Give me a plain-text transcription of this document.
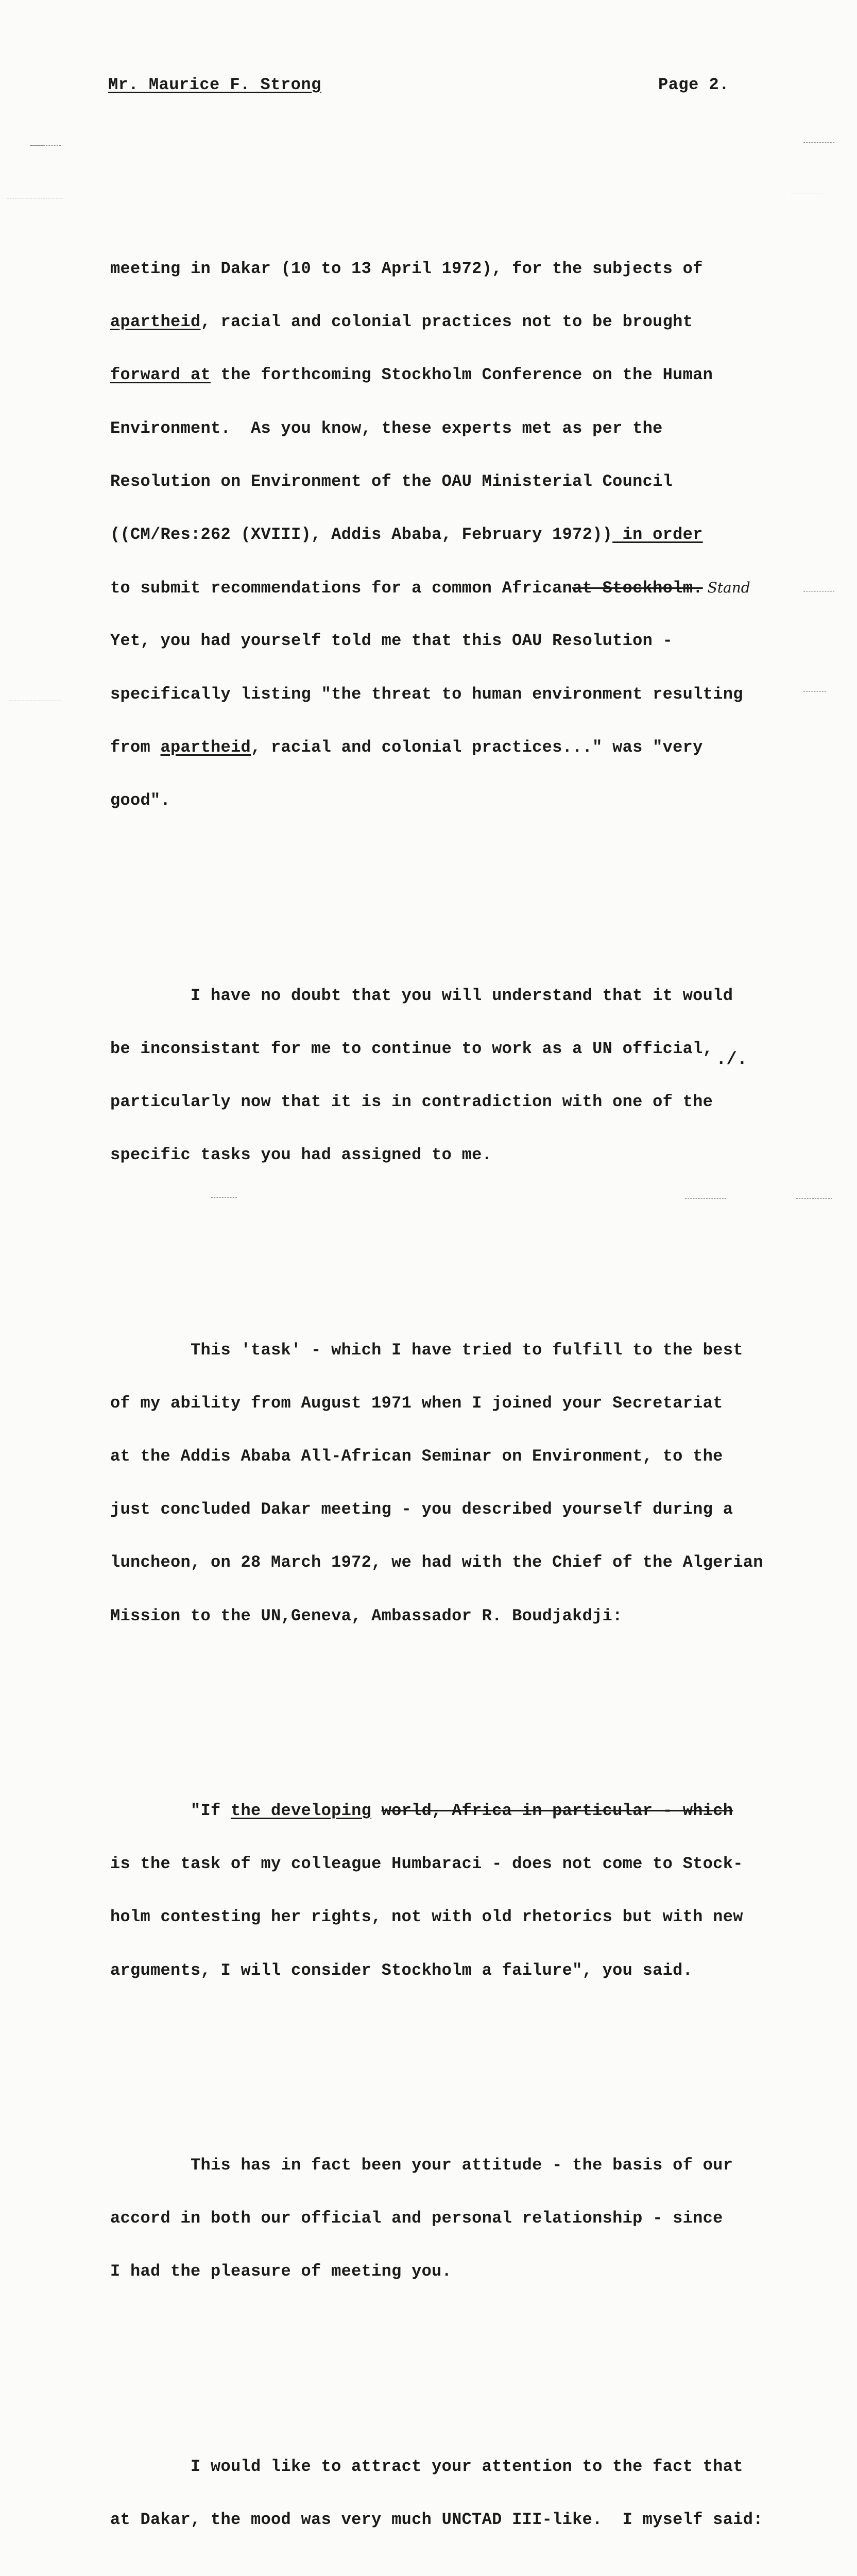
Mr. Maurice F. Strong	Page 2.

meeting in Dakar (10 to 13 April 1972), for the subjects of

apartheid, racial and colonial practices not to be brought

forward at the forthcoming Stockholm Conference on the Human

Environment.  As you know, these experts met as per the

Resolution on Environment of the OAU Ministerial Council

((CM/Res:262 (XVIII), Addis Ababa, February 1972)) in order

to submit recommendations for a common Africanat Stockholm. Stand

Yet, you had yourself told me that this OAU Resolution -

specifically listing "the threat to human environment resulting

from apartheid, racial and colonial practices..." was "very

good".

I have no doubt that you will understand that it would

be inconsistant for me to continue to work as a UN official,

particularly now that it is in contradiction with one of the

specific tasks you had assigned to me.

This 'task' - which I have tried to fulfill to the best

of my ability from August 1971 when I joined your Secretariat

at the Addis Ababa All-African Seminar on Environment, to the

just concluded Dakar meeting - you described yourself during a

luncheon, on 28 March 1972, we had with the Chief of the Algerian

Mission to the UN,Geneva, Ambassador R. Boudjakdji:

"If the developing world, Africa in particular - which

is the task of my colleague Humbaraci - does not come to Stock-

holm contesting her rights, not with old rhetorics but with new

arguments, I will consider Stockholm a failure", you said.

This has in fact been your attitude - the basis of our

accord in both our official and personal relationship - since

I had the pleasure of meeting you.

I would like to attract your attention to the fact that

at Dakar, the mood was very much UNCTAD III-like.  I myself said:

./.
